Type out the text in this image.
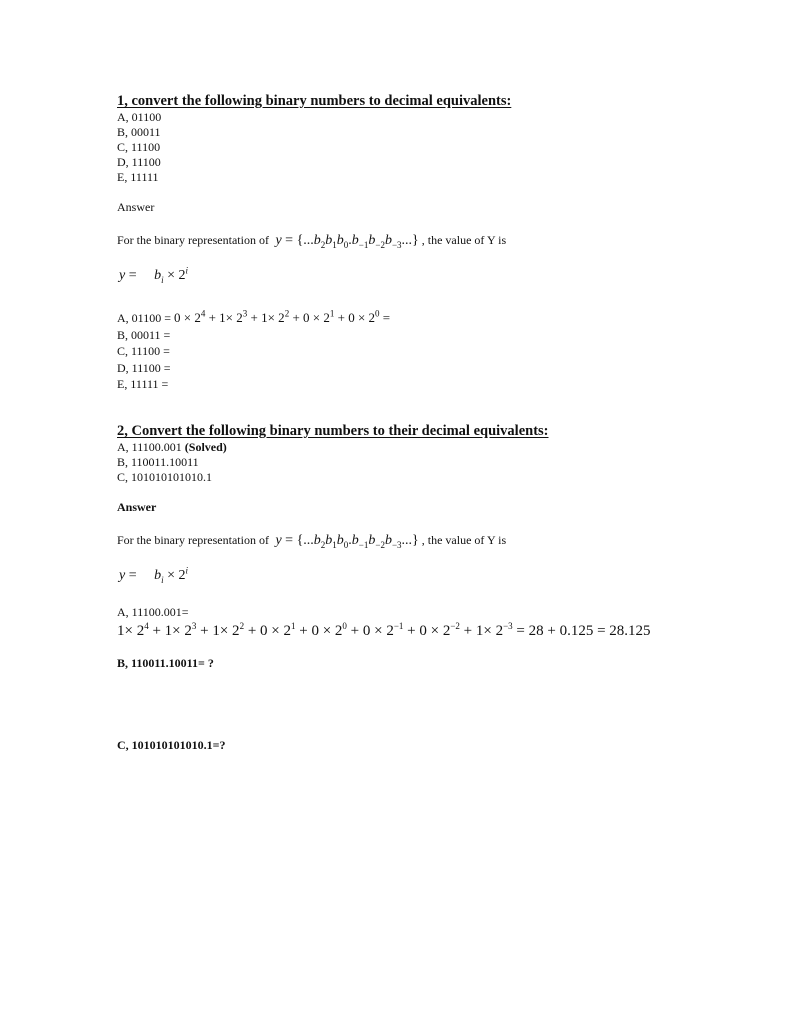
1, convert the following binary numbers to decimal equivalents:
A, 01100
B, 00011
C, 11100
D, 11100
E, 11111
Answer
For the binary representation of $y = \{...b_2b_1b_0.b_{-1}b_{-2}b_{-3}...\}$ , the value of Y is
y =     $b_i \times 2^i$
A, $01100 = 0 \times 2^4 + 1\times 2^3 + 1\times 2^2 + 0 \times 2^1 + 0 \times 2^0$ =
B, 00011 =
C, 11100 =
D, 11100 =
E, 11111 =
2, Convert the following binary numbers to their decimal equivalents:
A, 11100.001 (Solved)
B, 110011.10011
C, 101010101010.1
Answer
For the binary representation of $y = \{...b_2b_1b_0.b_{-1}b_{-2}b_{-3}...\}$ , the value of Y is
y =     $b_i \times 2^i$
A, 11100.001=
$1\times 2^4 + 1\times 2^3 + 1\times 2^2 + 0 \times 2^1 + 0 \times 2^0 + 0 \times 2^{-1} + 0 \times 2^{-2} + 1\times 2^{-3} = 28 + 0.125 = 28.125$
B, 110011.10011= ?
C, 101010101010.1=?
